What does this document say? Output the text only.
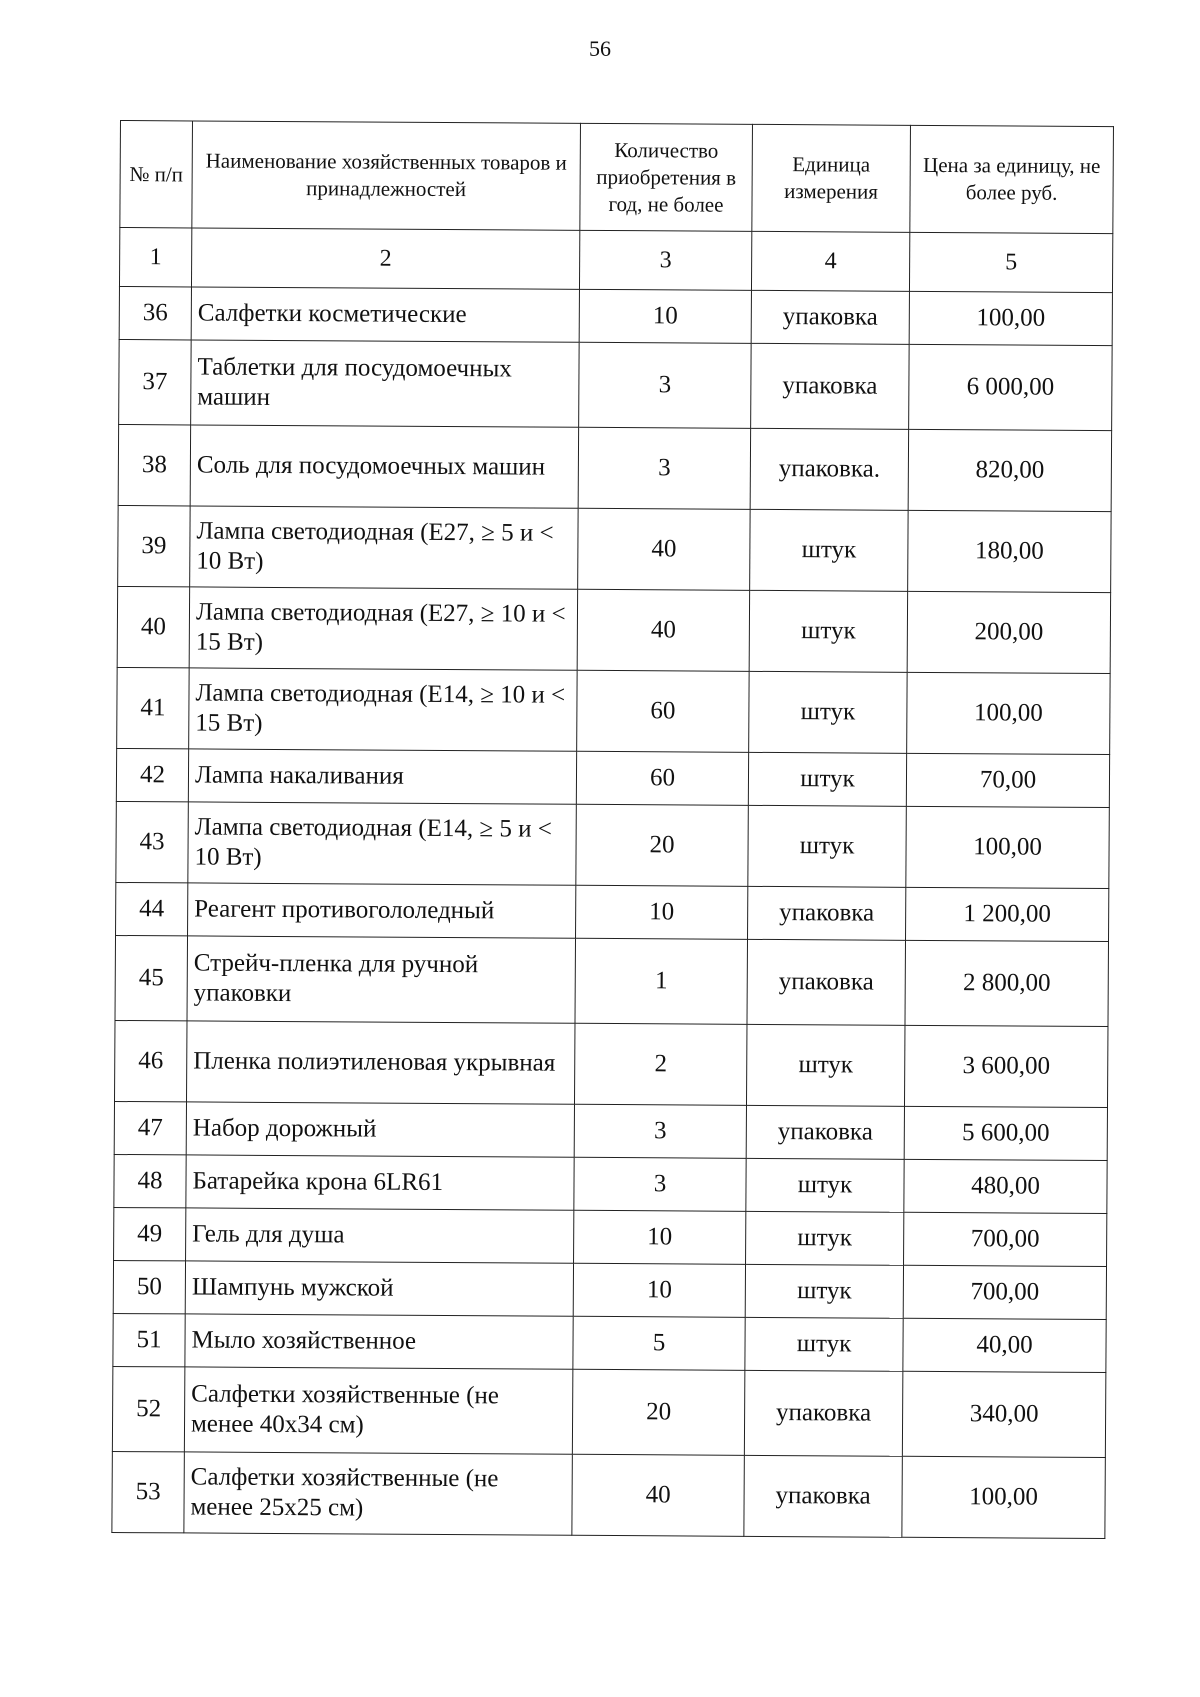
56
№ п/п	Наименование хозяйственных товаров и принадлежностей	Количество приобретения в год, не более	Единица измерения	Цена за единицу, не более руб.
1	2	3	4	5
36	Салфетки косметические	10	упаковка	100,00
37	Таблетки для посудомоечных машин	3	упаковка	6 000,00
38	Соль для посудомоечных машин	3	упаковка.	820,00
39	Лампа светодиодная (Е27, ≥ 5 и < 10 Вт)	40	штук	180,00
40	Лампа светодиодная (Е27, ≥ 10 и < 15 Вт)	40	штук	200,00
41	Лампа светодиодная (Е14, ≥ 10 и < 15 Вт)	60	штук	100,00
42	Лампа накаливания	60	штук	70,00
43	Лампа светодиодная (Е14, ≥ 5 и < 10 Вт)	20	штук	100,00
44	Реагент противогололедный	10	упаковка	1 200,00
45	Стрейч-пленка для ручной упаковки	1	упаковка	2 800,00
46	Пленка полиэтиленовая укрывная	2	штук	3 600,00
47	Набор дорожный	3	упаковка	5 600,00
48	Батарейка крона 6LR61	3	штук	480,00
49	Гель для душа	10	штук	700,00
50	Шампунь мужской	10	штук	700,00
51	Мыло хозяйственное	5	штук	40,00
52	Салфетки хозяйственные (не менее 40х34 см)	20	упаковка	340,00
53	Салфетки хозяйственные (не менее 25х25 см)	40	упаковка	100,00
